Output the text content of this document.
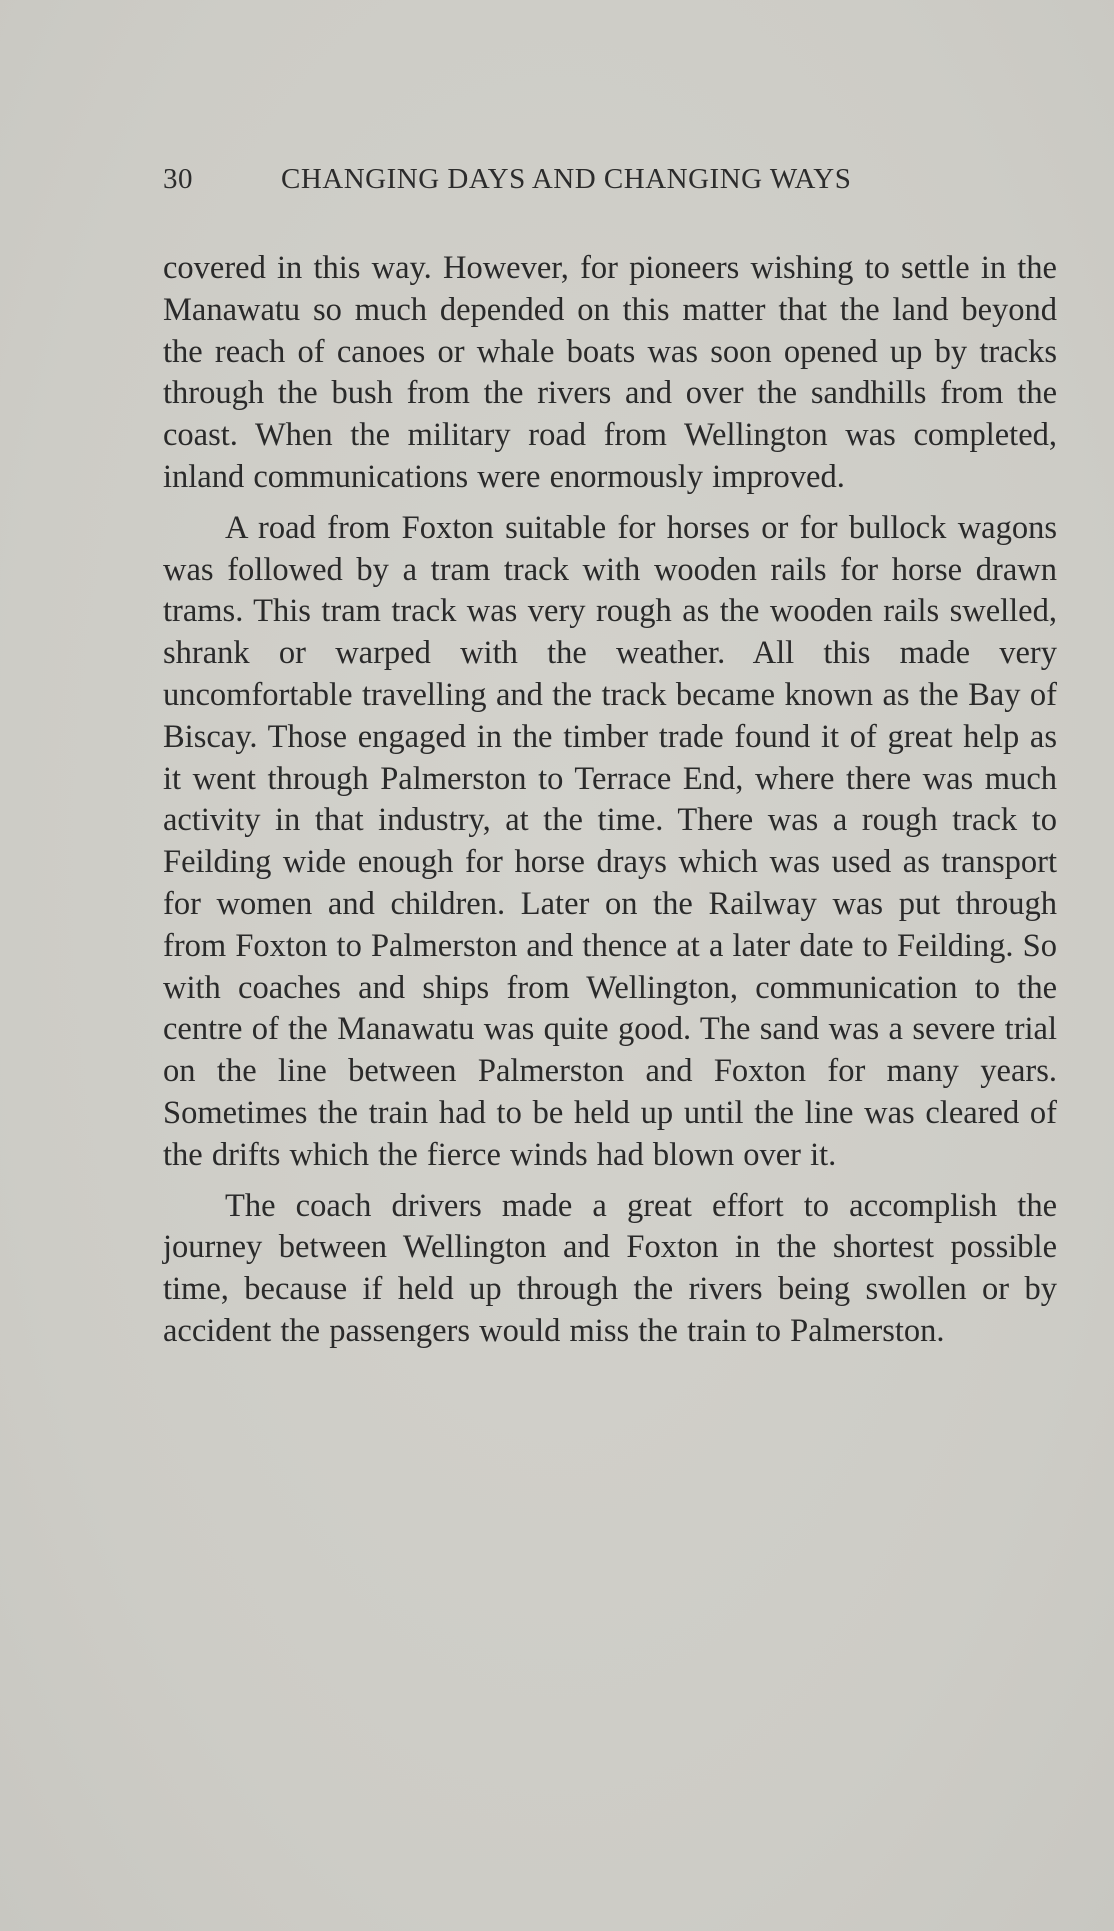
30	CHANGING DAYS AND CHANGING WAYS

covered in this way. However, for pioneers wishing to settle in the Manawatu so much depended on this matter that the land beyond the reach of canoes or whale boats was soon opened up by tracks through the bush from the rivers and over the sandhills from the coast. When the military road from Wellington was completed, inland communications were enormously improved.

A road from Foxton suitable for horses or for bullock wagons was followed by a tram track with wooden rails for horse drawn trams. This tram track was very rough as the wooden rails swelled, shrank or warped with the weather. All this made very uncomfortable travelling and the track became known as the Bay of Biscay. Those engaged in the timber trade found it of great help as it went through Palmerston to Terrace End, where there was much activity in that industry, at the time. There was a rough track to Feilding wide enough for horse drays which was used as transport for women and children. Later on the Railway was put through from Foxton to Palmerston and thence at a later date to Feilding. So with coaches and ships from Wellington, communication to the centre of the Manawatu was quite good. The sand was a severe trial on the line between Palmerston and Foxton for many years. Sometimes the train had to be held up until the line was cleared of the drifts which the fierce winds had blown over it.

The coach drivers made a great effort to accomplish the journey between Wellington and Foxton in the shortest possible time, because if held up through the rivers being swollen or by accident the passengers would miss the train to Palmerston.
